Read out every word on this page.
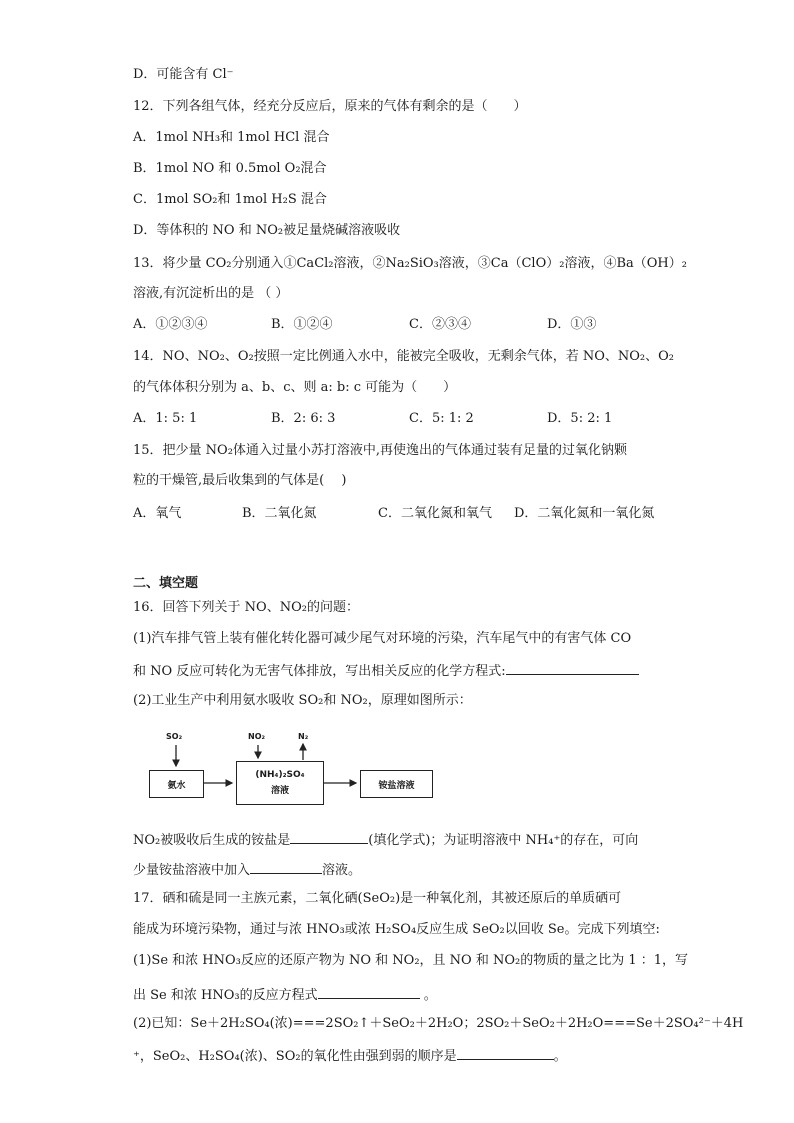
D．可能含有 Cl⁻
12．下列各组气体，经充分反应后，原来的气体有剩余的是（　　）
A．1mol NH₃和 1mol HCl 混合
B．1mol NO 和 0.5mol O₂混合
C．1mol SO₂和 1mol H₂S 混合
D．等体积的 NO 和 NO₂被足量烧碱溶液吸收
13．将少量 CO₂分别通入①CaCl₂溶液，②Na₂SiO₃溶液，③Ca（ClO）₂溶液，④Ba（OH）₂
溶液,有沉淀析出的是 （ ）
A．①②③④	B．①②④	C．②③④	D．①③
14．NO、NO₂、O₂按照一定比例通入水中，能被完全吸收，无剩余气体，若 NO、NO₂、O₂
的气体体积分别为 a、b、c、则 a: b: c 可能为（　　）
A．1: 5: 1	B．2: 6: 3	C．5: 1: 2	D．5: 2: 1
15．把少量 NO₂体通入过量小苏打溶液中,再使逸出的气体通过装有足量的过氧化钠颗
粒的干燥管,最后收集到的气体是(　 )
A．氧气	B．二氧化氮	C．二氧化氮和氧气 D．二氧化氮和一氧化氮
二、填空题
16．回答下列关于 NO、NO₂的问题：
(1)汽车排气管上装有催化转化器可减少尾气对环境的污染，汽车尾气中的有害气体 CO
和 NO 反应可转化为无害气体排放，写出相关反应的化学方程式:
(2)工业生产中利用氨水吸收 SO₂和 NO₂，原理如图所示：
SO₂	NO₂	N₂
氨水
(NH₄)₂SO₄
溶液
铵盐溶液
NO₂被吸收后生成的铵盐是	(填化学式)；为证明溶液中 NH₄⁺的存在，可向
少量铵盐溶液中加入	溶液。
17．硒和硫是同一主族元素，二氧化硒(SeO₂)是一种氧化剂，其被还原后的单质硒可
能成为环境污染物，通过与浓 HNO₃或浓 H₂SO₄反应生成 SeO₂以回收 Se。完成下列填空:
(1)Se 和浓 HNO₃反应的还原产物为 NO 和 NO₂，且 NO 和 NO₂的物质的量之比为 1 ：1，写
出 Se 和浓 HNO₃的反应方程式	。
(2)已知：Se＋2H₂SO₄(浓)===2SO₂↑＋SeO₂＋2H₂O；2SO₂＋SeO₂＋2H₂O===Se＋2SO₄²⁻＋4H
⁺，SeO₂、H₂SO₄(浓)、SO₂的氧化性由强到弱的顺序是	。
